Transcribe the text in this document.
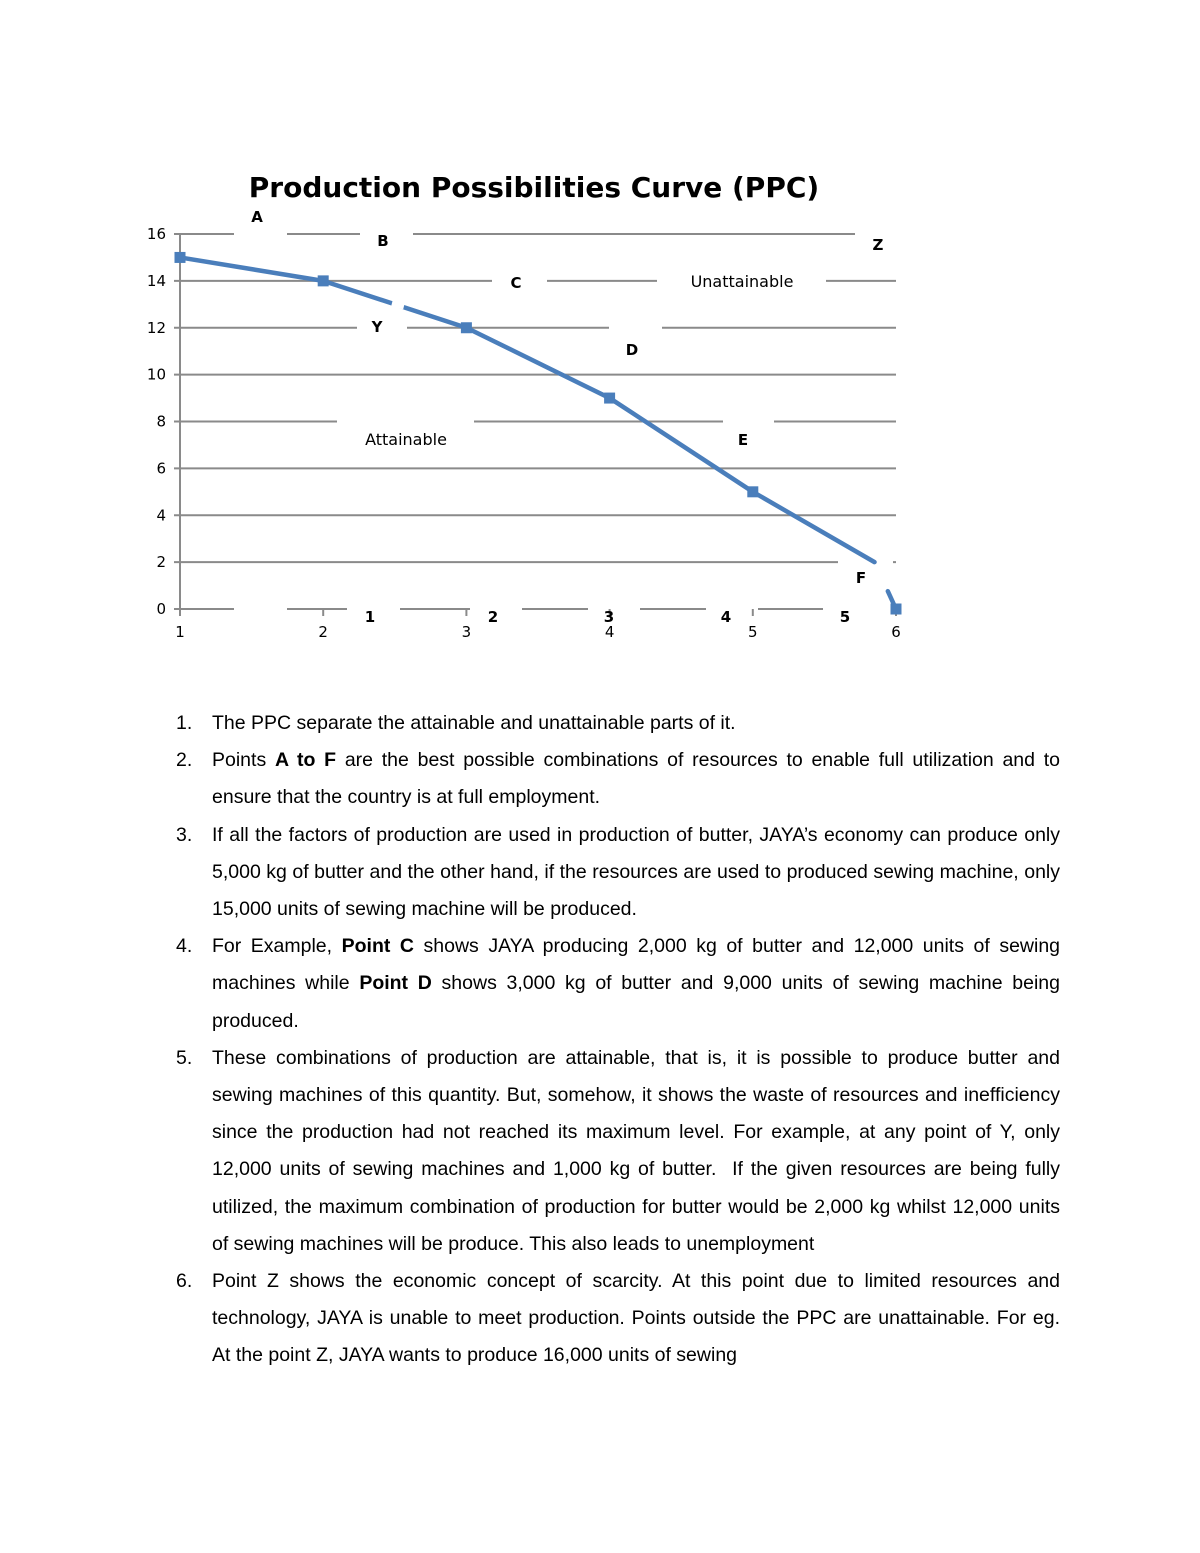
Production Possibilities Curve (PPC)
0
2
4
6
8
10
12
14
16
1	2	3	4	5	6
1	2	3	4	5
A
B
C
D
E
F
Y
Z
Attainable
Unattainable
1. The PPC separate the attainable and unattainable parts of it.
2. Points A to F are the best possible combinations of resources to enable full utilization and to ensure that the country is at full employment.
3. If all the factors of production are used in production of butter, JAYA’s economy can produce only 5,000 kg of butter and the other hand, if the resources are used to produced sewing machine, only 15,000 units of sewing machine will be produced.
4. For Example, Point C shows JAYA producing 2,000 kg of butter and 12,000 units of sewing machines while Point D shows 3,000 kg of butter and 9,000 units of sewing machine being produced.
5. These combinations of production are attainable, that is, it is possible to produce butter and sewing machines of this quantity. But, somehow, it shows the waste of resources and inefficiency since the production had not reached its maximum level. For example, at any point of Y, only 12,000 units of sewing machines and 1,000 kg of butter.  If the given resources are being fully utilized, the maximum combination of production for butter would be 2,000 kg whilst 12,000 units of sewing machines will be produce. This also leads to unemployment
6. Point Z shows the economic concept of scarcity. At this point due to limited resources and technology, JAYA is unable to meet production. Points outside the PPC are unattainable. For eg. At the point Z, JAYA wants to produce 16,000 units of sewing
